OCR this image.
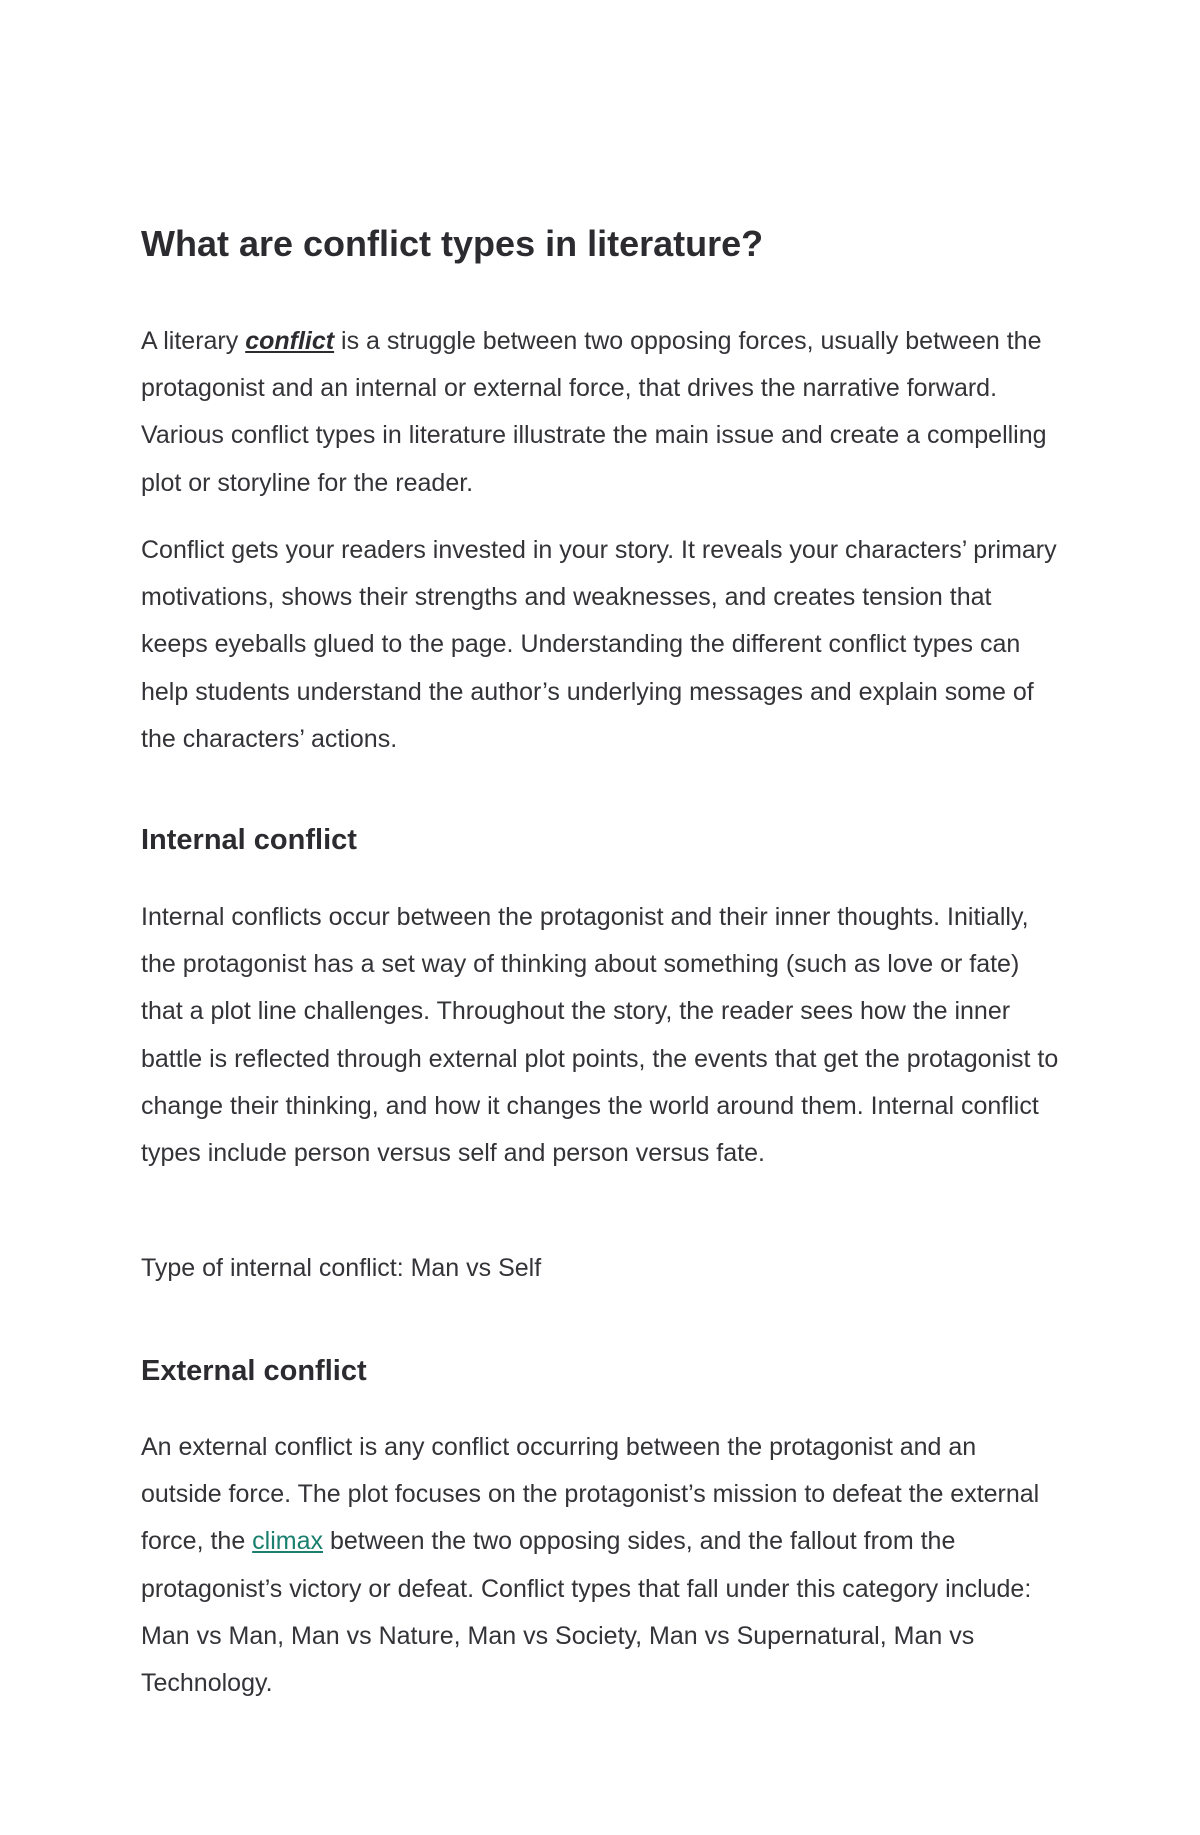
What are conflict types in literature?

A literary conflict is a struggle between two opposing forces, usually between the protagonist and an internal or external force, that drives the narrative forward. Various conflict types in literature illustrate the main issue and create a compelling plot or storyline for the reader.

Conflict gets your readers invested in your story. It reveals your characters’ primary motivations, shows their strengths and weaknesses, and creates tension that keeps eyeballs glued to the page. Understanding the different conflict types can help students understand the author’s underlying messages and explain some of the characters’ actions.

Internal conflict

Internal conflicts occur between the protagonist and their inner thoughts. Initially, the protagonist has a set way of thinking about something (such as love or fate) that a plot line challenges. Throughout the story, the reader sees how the inner battle is reflected through external plot points, the events that get the protagonist to change their thinking, and how it changes the world around them. Internal conflict types include person versus self and person versus fate.

Type of internal conflict: Man vs Self

External conflict

An external conflict is any conflict occurring between the protagonist and an outside force. The plot focuses on the protagonist’s mission to defeat the external force, the climax between the two opposing sides, and the fallout from the protagonist’s victory or defeat. Conflict types that fall under this category include: Man vs Man, Man vs Nature, Man vs Society, Man vs Supernatural, Man vs Technology.
